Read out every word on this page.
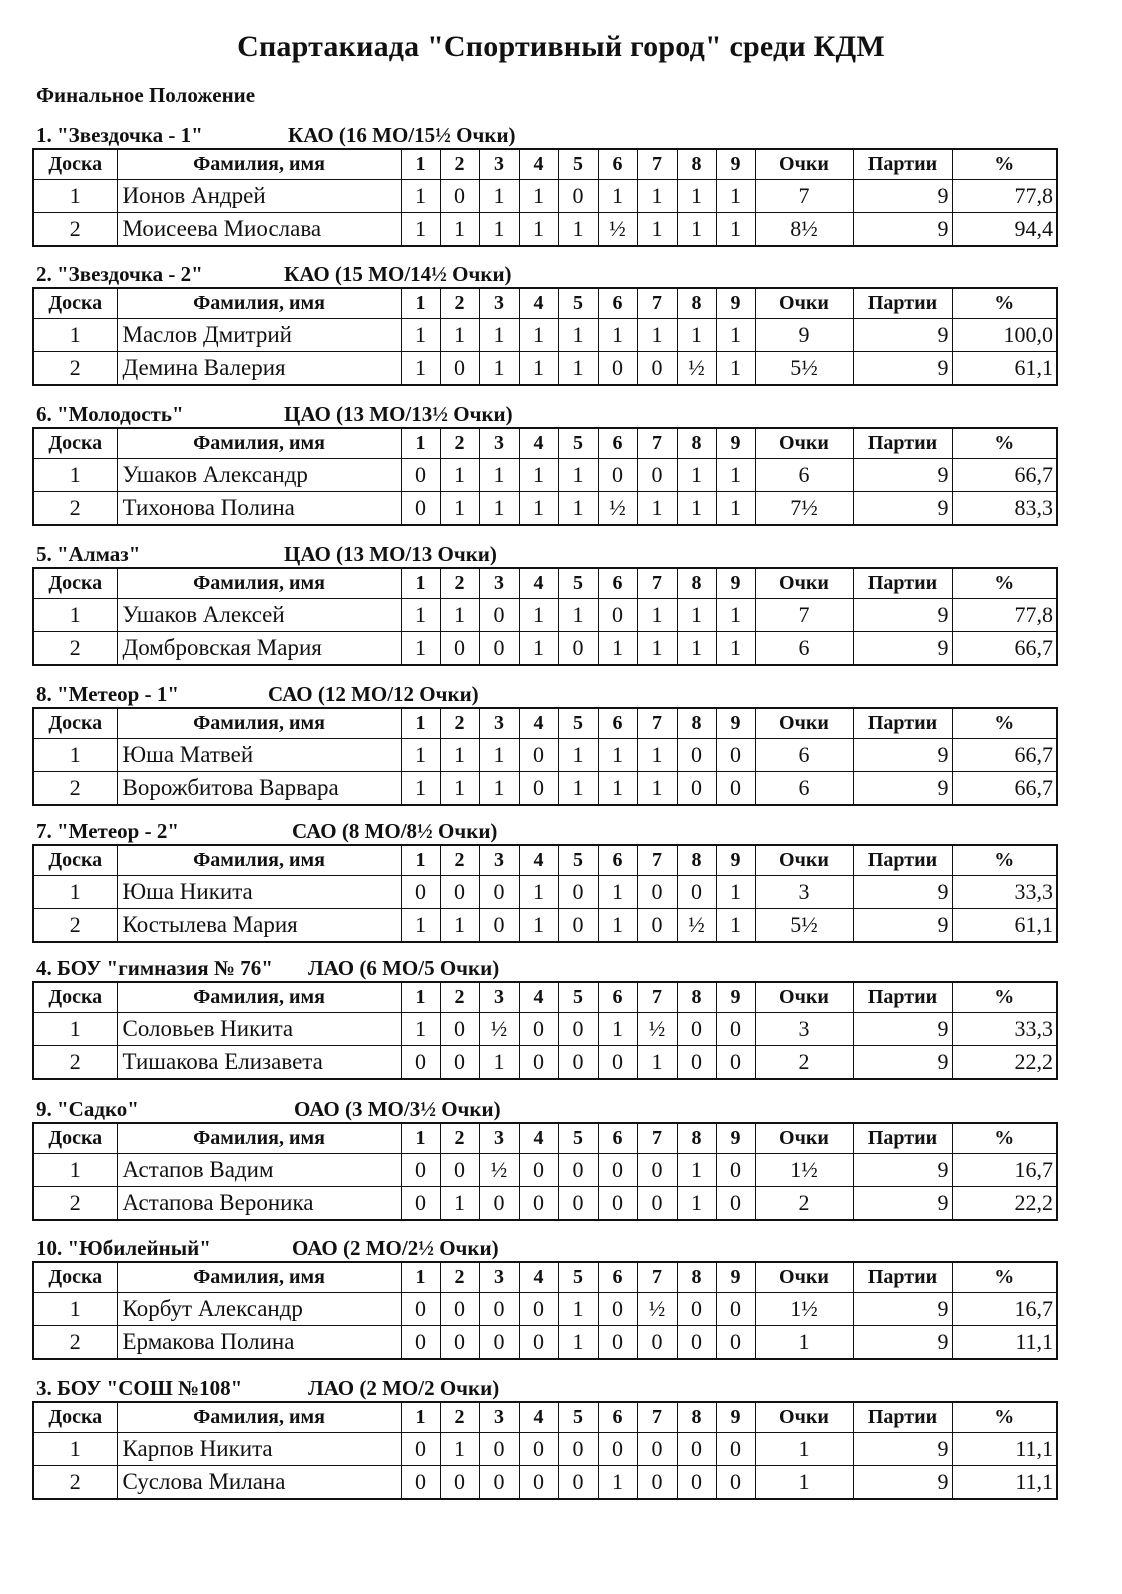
Спартакиада "Спортивный город" среди КДМ
Финальное Положение
1. "Звездочка - 1"	КАО (16 МО/15½ Очки)
Доска	Фамилия, имя	1	2	3	4	5	6	7	8	9	Очки	Партии	%
1	Ионов Андрей	1	0	1	1	0	1	1	1	1	7	9	77,8
2	Моисеева Миослава	1	1	1	1	1	½	1	1	1	8½	9	94,4
2. "Звездочка - 2"	КАО (15 МО/14½ Очки)
Доска	Фамилия, имя	1	2	3	4	5	6	7	8	9	Очки	Партии	%
1	Маслов Дмитрий	1	1	1	1	1	1	1	1	1	9	9	100,0
2	Демина Валерия	1	0	1	1	1	0	0	½	1	5½	9	61,1
6. "Молодость"	ЦАО (13 МО/13½ Очки)
Доска	Фамилия, имя	1	2	3	4	5	6	7	8	9	Очки	Партии	%
1	Ушаков Александр	0	1	1	1	1	0	0	1	1	6	9	66,7
2	Тихонова Полина	0	1	1	1	1	½	1	1	1	7½	9	83,3
5. "Алмаз"	ЦАО (13 МО/13 Очки)
Доска	Фамилия, имя	1	2	3	4	5	6	7	8	9	Очки	Партии	%
1	Ушаков Алексей	1	1	0	1	1	0	1	1	1	7	9	77,8
2	Домбровская Мария	1	0	0	1	0	1	1	1	1	6	9	66,7
8. "Метеор - 1"	САО (12 МО/12 Очки)
Доска	Фамилия, имя	1	2	3	4	5	6	7	8	9	Очки	Партии	%
1	Юша Матвей	1	1	1	0	1	1	1	0	0	6	9	66,7
2	Ворожбитова Варвара	1	1	1	0	1	1	1	0	0	6	9	66,7
7. "Метеор - 2"	САО (8 МО/8½ Очки)
Доска	Фамилия, имя	1	2	3	4	5	6	7	8	9	Очки	Партии	%
1	Юша Никита	0	0	0	1	0	1	0	0	1	3	9	33,3
2	Костылева Мария	1	1	0	1	0	1	0	½	1	5½	9	61,1
4. БОУ "гимназия № 76" ЛАО (6 МО/5 Очки)
Доска	Фамилия, имя	1	2	3	4	5	6	7	8	9	Очки	Партии	%
1	Соловьев Никита	1	0	½	0	0	1	½	0	0	3	9	33,3
2	Тишакова Елизавета	0	0	1	0	0	0	1	0	0	2	9	22,2
9. "Садко"	ОАО (3 МО/3½ Очки)
Доска	Фамилия, имя	1	2	3	4	5	6	7	8	9	Очки	Партии	%
1	Астапов Вадим	0	0	½	0	0	0	0	1	0	1½	9	16,7
2	Астапова Вероника	0	1	0	0	0	0	0	1	0	2	9	22,2
10. "Юбилейный"	ОАО (2 МО/2½ Очки)
Доска	Фамилия, имя	1	2	3	4	5	6	7	8	9	Очки	Партии	%
1	Корбут Александр	0	0	0	0	1	0	½	0	0	1½	9	16,7
2	Ермакова Полина	0	0	0	0	1	0	0	0	0	1	9	11,1
3. БОУ "СОШ №108"	ЛАО (2 МО/2 Очки)
Доска	Фамилия, имя	1	2	3	4	5	6	7	8	9	Очки	Партии	%
1	Карпов Никита	0	1	0	0	0	0	0	0	0	1	9	11,1
2	Суслова Милана	0	0	0	0	0	1	0	0	0	1	9	11,1
